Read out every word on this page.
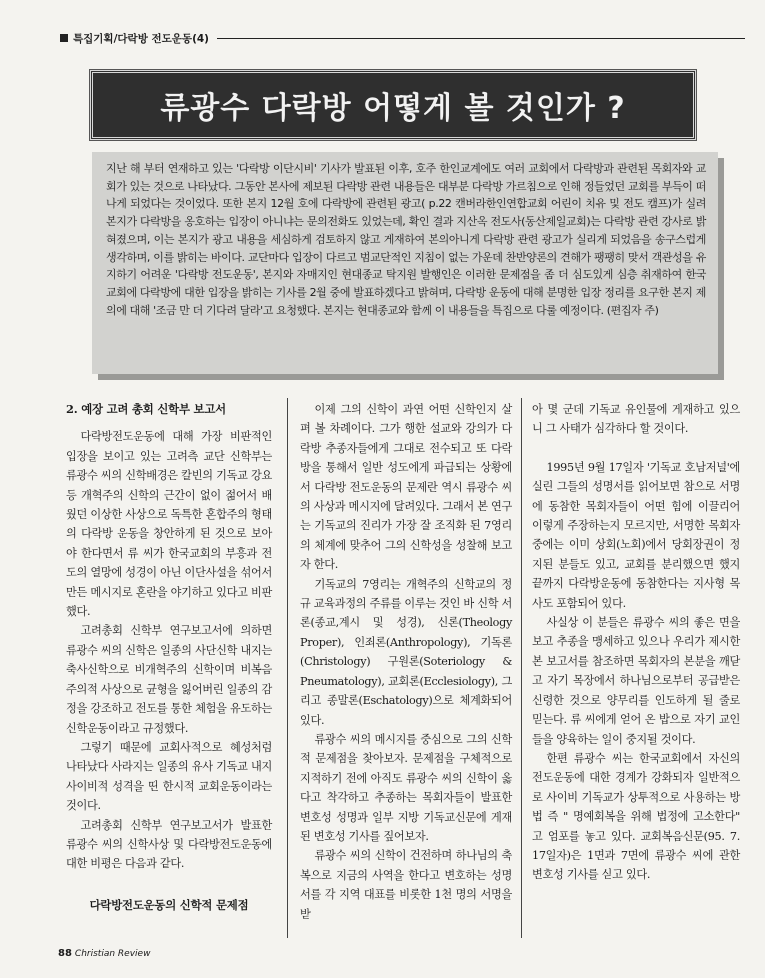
특집기획/다락방 전도운동(4)
류광수 다락방 어떻게 볼 것인가 ?

지난 해 부터 연재하고 있는 '다락방 이단시비' 기사가 발표된 이후, 호주 한인교계에도 여러 교회에서 다락방과 관련된 목회자와 교회가 있는 것으로 나타났다. 그동안 본사에 제보된 다락방 관련 내용들은 대부분 다락방 가르침으로 인해 정들었던 교회를 부득이 떠나게 되었다는 것이었다. 또한 본지 12월 호에 다락방에 관련된 광고( p.22 캔버라한인연합교회 어린이 치유 및 전도 캠프)가 실려 본지가 다락방을 옹호하는 입장이 아니냐는 문의전화도 있었는데, 확인 결과 지산옥 전도사(동산제일교회)는 다락방 관련 강사로 밝혀졌으며, 이는 본지가 광고 내용을 세심하게 검토하지 않고 게재하여 본의아니게 다락방 관련 광고가 실리게 되었음을 송구스럽게 생각하며, 이를 밝히는 바이다. 교단마다 입장이 다르고 범교단적인 지침이 없는 가운데 찬반양론의 견해가 팽팽히 맞서 객관성을 유지하기 어려운 '다락방 전도운동', 본지와 자매지인 현대종교 탁지원 발행인은 이러한 문제점을 좀 더 심도있게 심층 취재하여 한국 교회에 다락방에 대한 입장을 밝히는 기사를 2월 중에 발표하겠다고 밝혀며, 다락방 운동에 대해 분명한 입장 정리를 요구한 본지 제의에 대해 '조금 만 더 기다려 달라'고 요청했다. 본지는 현대종교와 함께 이 내용들을 특집으로 다룰 예정이다. (편집자 주)

2. 예장 고려 총회 신학부 보고서

다락방전도운동에 대해 가장 비판적인 입장을 보이고 있는 고려측 교단 신학부는 류광수 씨의 신학배경은 칼빈의 기독교 강요 등 개혁주의 신학의 근간이 없이 젊어서 배웠던 이상한 사상으로 독특한 혼합주의 형태의 다락방 운동을 창안하게 된 것으로 보아야 한다면서 류 씨가 한국교회의 부흥과 전도의 열망에 성경이 아닌 이단사설을 섞어서 만든 메시지로 혼란을 야기하고 있다고 비판했다.

고려총회 신학부 연구보고서에 의하면 류광수 씨의 신학은 일종의 사단신학 내지는 축사신학으로 비개혁주의 신학이며 비복음주의적 사상으로 균형을 잃어버린 일종의 감정을 강조하고 전도를 통한 체험을 유도하는 신학운동이라고 규정했다.

그렇기 때문에 교회사적으로 혜성처럼 나타났다 사라지는 일종의 유사 기독교 내지 사이비적 성격을 띤 한시적 교회운동이라는 것이다.

고려총회 신학부 연구보고서가 발표한 류광수 씨의 신학사상 및 다락방전도운동에 대한 비평은 다음과 같다.

다락방전도운동의 신학적 문제점

이제 그의 신학이 과연 어떤 신학인지 살펴 볼 차례이다. 그가 행한 설교와 강의가 다락방 추종자들에게 그대로 전수되고 또 다락방을 통해서 일반 성도에게 파급되는 상황에서 다락방 전도운동의 문제란 역시 류광수 씨의 사상과 메시지에 달려있다. 그래서 본 연구는 기독교의 진리가 가장 잘 조직화 된 7영리의 체계에 맞추어 그의 신학성을 성찰해 보고자 한다.

기독교의 7영리는 개혁주의 신학교의 정규 교육과정의 주류를 이루는 것인 바 신학 서론(종교,계시 및 성경), 신론(Theology Proper), 인죄론(Anthropology), 기독론(Christology) 구원론(Soteriology & Pneumatology), 교회론(Ecclesiology), 그리고 종말론(Eschatology)으로 체계화되어 있다.

류광수 씨의 메시지를 중심으로 그의 신학적 문제점을 찾아보자. 문제점을 구체적으로 지적하기 전에 아직도 류광수 씨의 신학이 옳다고 착각하고 추종하는 목회자들이 발표한 변호성 성명과 일부 지방 기독교신문에 게재된 변호성 기사를 짚어보자.

류광수 씨의 신학이 건전하며 하나님의 축복으로 지금의 사역을 한다고 변호하는 성명서를 각 지역 대표를 비롯한 1천 명의 서명을 받

아 몇 군데 기독교 유인물에 게재하고 있으니 그 사태가 심각하다 할 것이다.

1995년 9월 17일자 '기독교 호남저널'에 실린 그들의 성명서를 읽어보면 참으로 서명에 동참한 목회자들이 어떤 힘에 이끌리어 이렇게 주장하는지 모르지만, 서명한 목회자 중에는 이미 상회(노회)에서 당회장권이 정지된 분들도 있고, 교회를 분리했으면 했지 끝까지 다락방운동에 동참한다는 지사형 목사도 포함되어 있다.

사실상 이 분들은 류광수 씨의 좋은 면을 보고 추종을 맹세하고 있으나 우리가 제시한 본 보고서를 참조하면 목회자의 본분을 깨닫고 자기 목장에서 하나님으로부터 공급받은 신령한 것으로 양무리를 인도하게 될 줄로 믿는다. 류 씨에게 얻어 온 밥으로 자기 교인들을 양육하는 일이 중지될 것이다.

한편 류광수 씨는 한국교회에서 자신의 전도운동에 대한 경계가 강화되자 일반적으로 사이비 기독교가 상투적으로 사용하는 방법 즉 " 명예회복을 위해 법정에 고소한다" 고 엄포를 놓고 있다. 교회복음신문(95. 7. 17일자)은 1면과 7면에 류광수 씨에 관한 변호성 기사를 싣고 있다.

88 Christian Review
